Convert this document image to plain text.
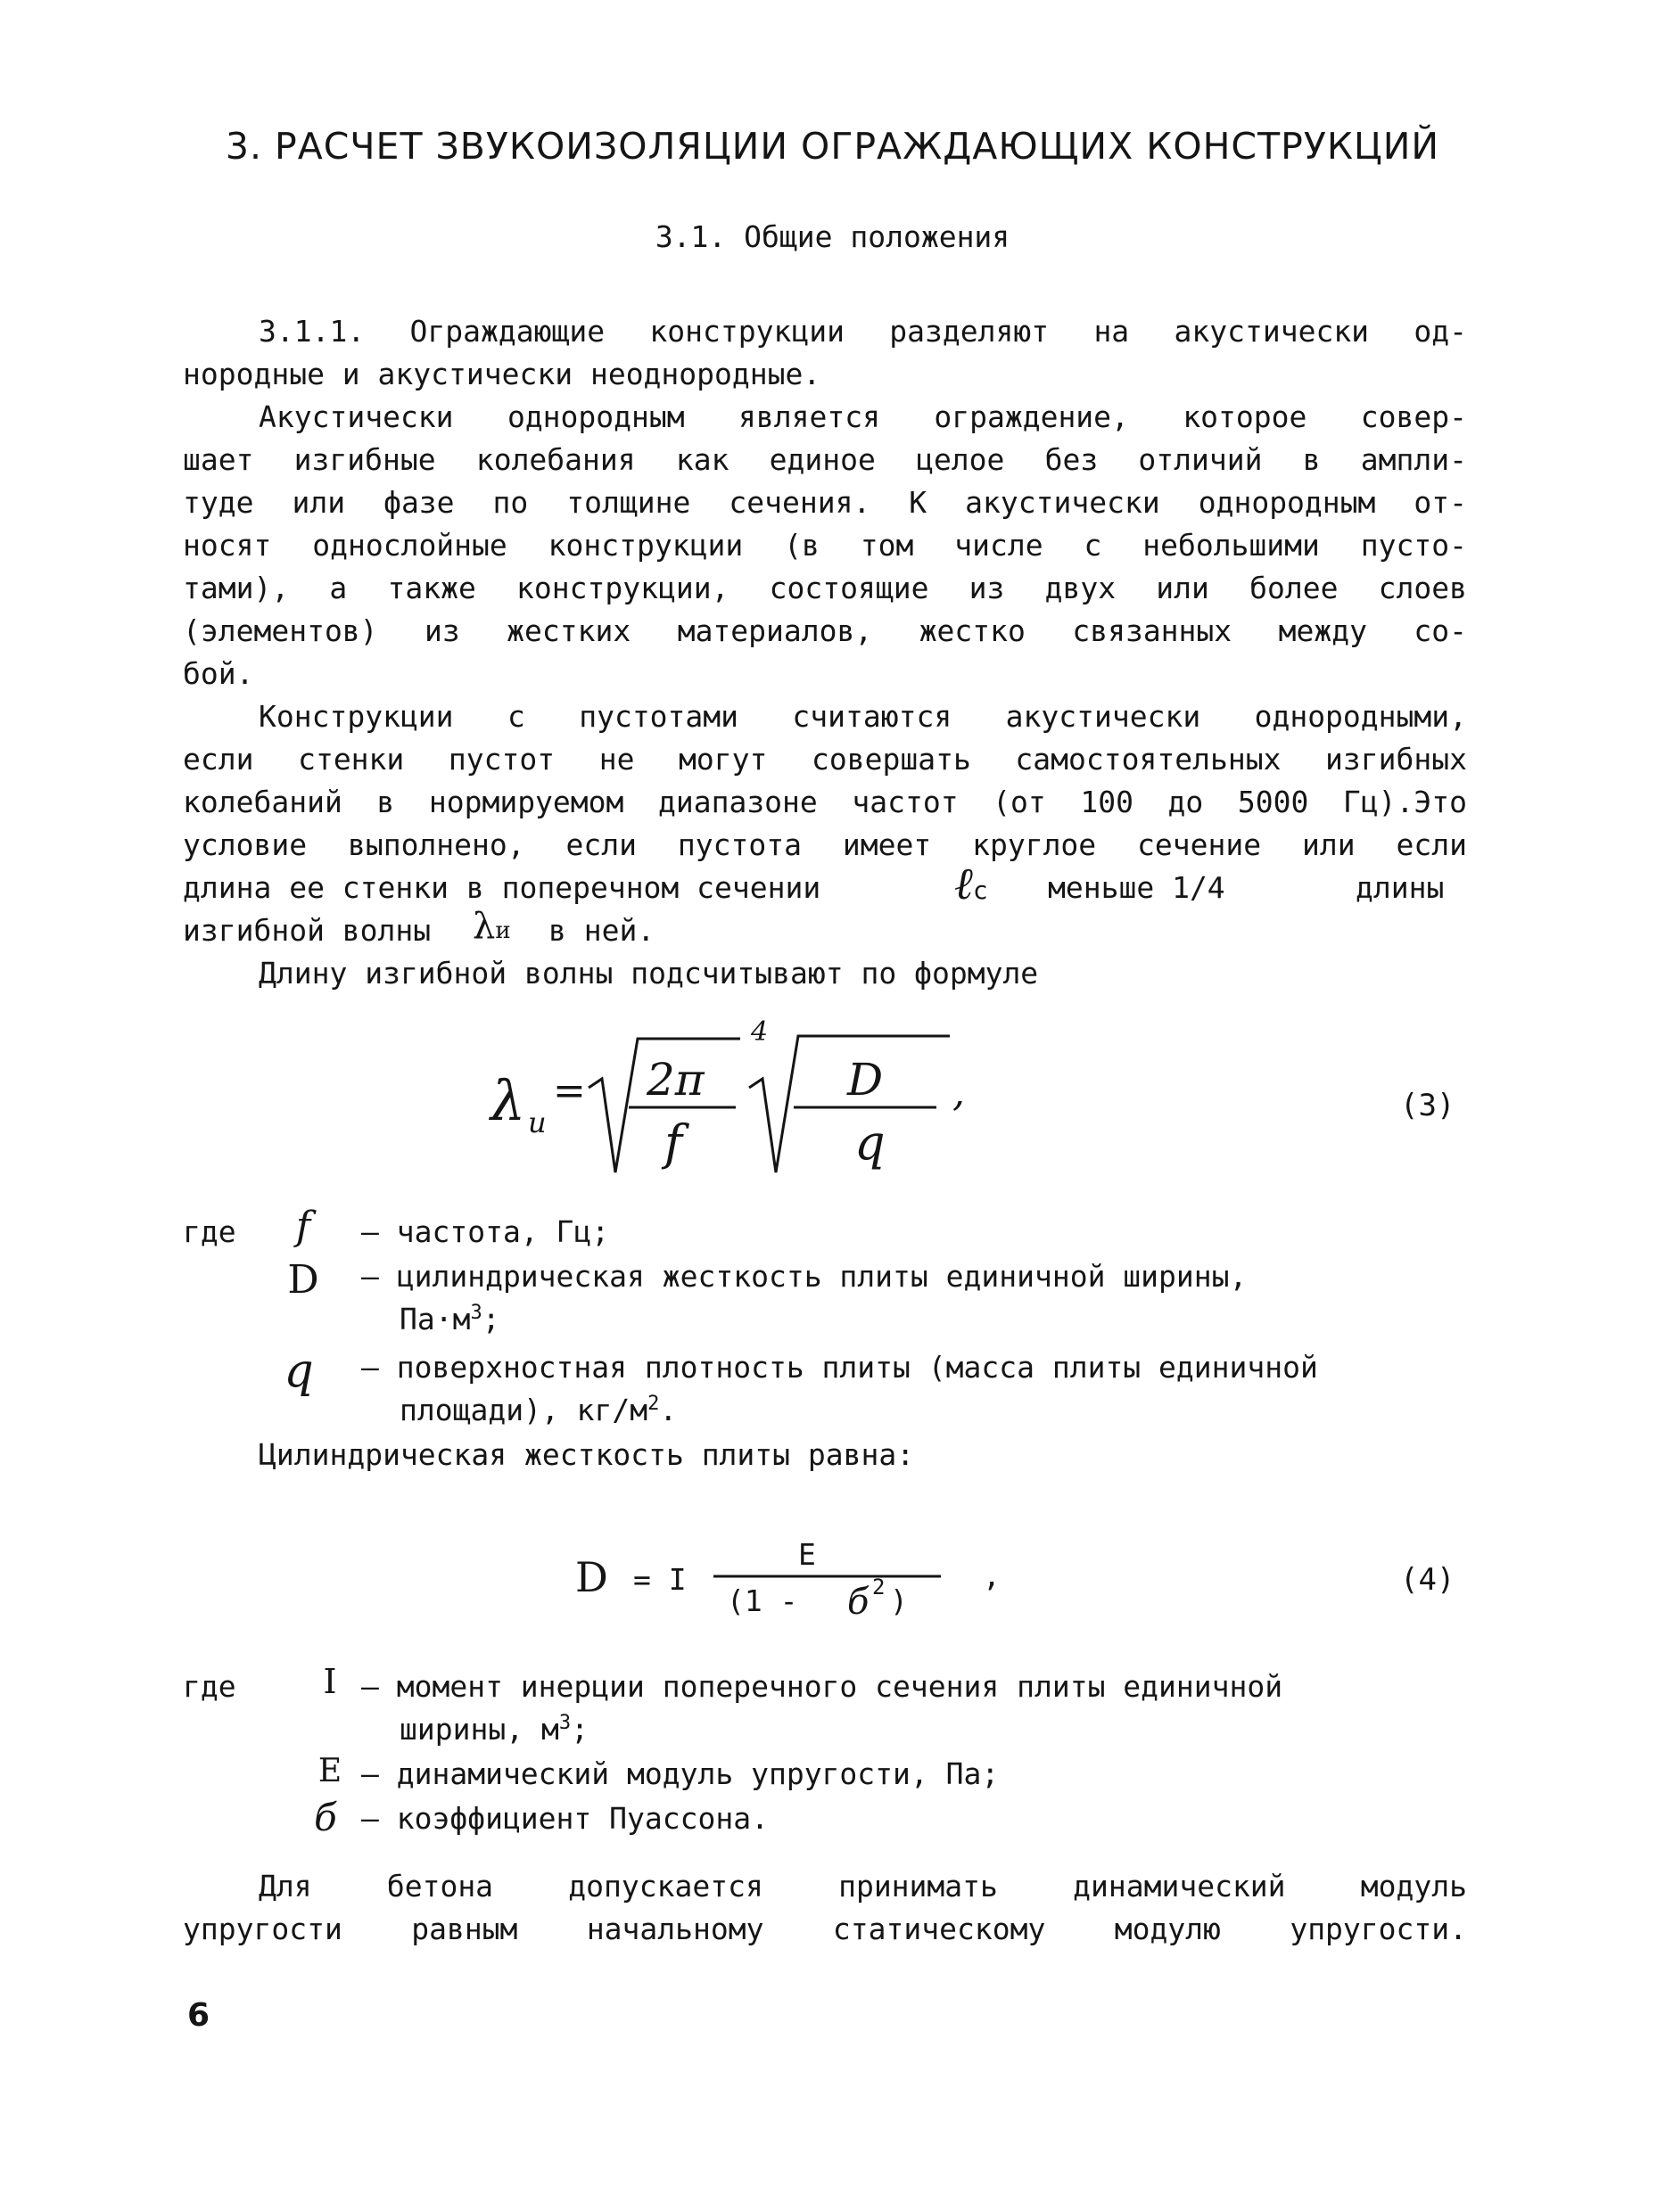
3. РАСЧЕТ ЗВУКОИЗОЛЯЦИИ ОГРАЖДАЮЩИХ КОНСТРУКЦИЙ
3.1. Общие положения
3.1.1. Ограждающие конструкции разделяют на акустически од-
нородные и акустически неоднородные.
Акустически однородным является ограждение, которое совер-
шает изгибные колебания как единое целое без отличий в ампли-
туде или фазе по толщине сечения. К акустически однородным от-
носят однослойные конструкции (в том числе с небольшими пусто-
тами), а также конструкции, состоящие из двух или более слоев
(элементов) из жестких материалов, жестко связанных между со-
бой.
Конструкции с пустотами считаются акустически однородными,
если стенки пустот не могут совершать самостоятельных изгибных
колебаний в нормируемом диапазоне частот (от 100 до 5000 Гц).Это
условие выполнено, если пустота имеет круглое сечение или если
длина ее стенки в поперечном сечении	ℓc меньше 1/4	длины
изгибной волны λи в ней.
Длину изгибной волны подсчитывают по формуле
λ и
= 2π
f
4
D
q
,	(3)
где	f	– частота, Гц;
D	– цилиндрическая жесткость плиты единичной ширины,
$Па\cdot м^3$;
q	– поверхностная плотность плиты (масса плиты единичной
площади), $кг/м^2$.
Цилиндрическая жесткость плиты равна:
D = I
E
(1 - б 2 )
,	(4)
где	I – момент инерции поперечного сечения плиты единичной
ширины, $м^3$;
E – динамический модуль упругости, Па;
б – коэффициент Пуассона.
Для бетона допускается принимать динамический модуль
упругости равным начальному статическому модулю упругости.
6
